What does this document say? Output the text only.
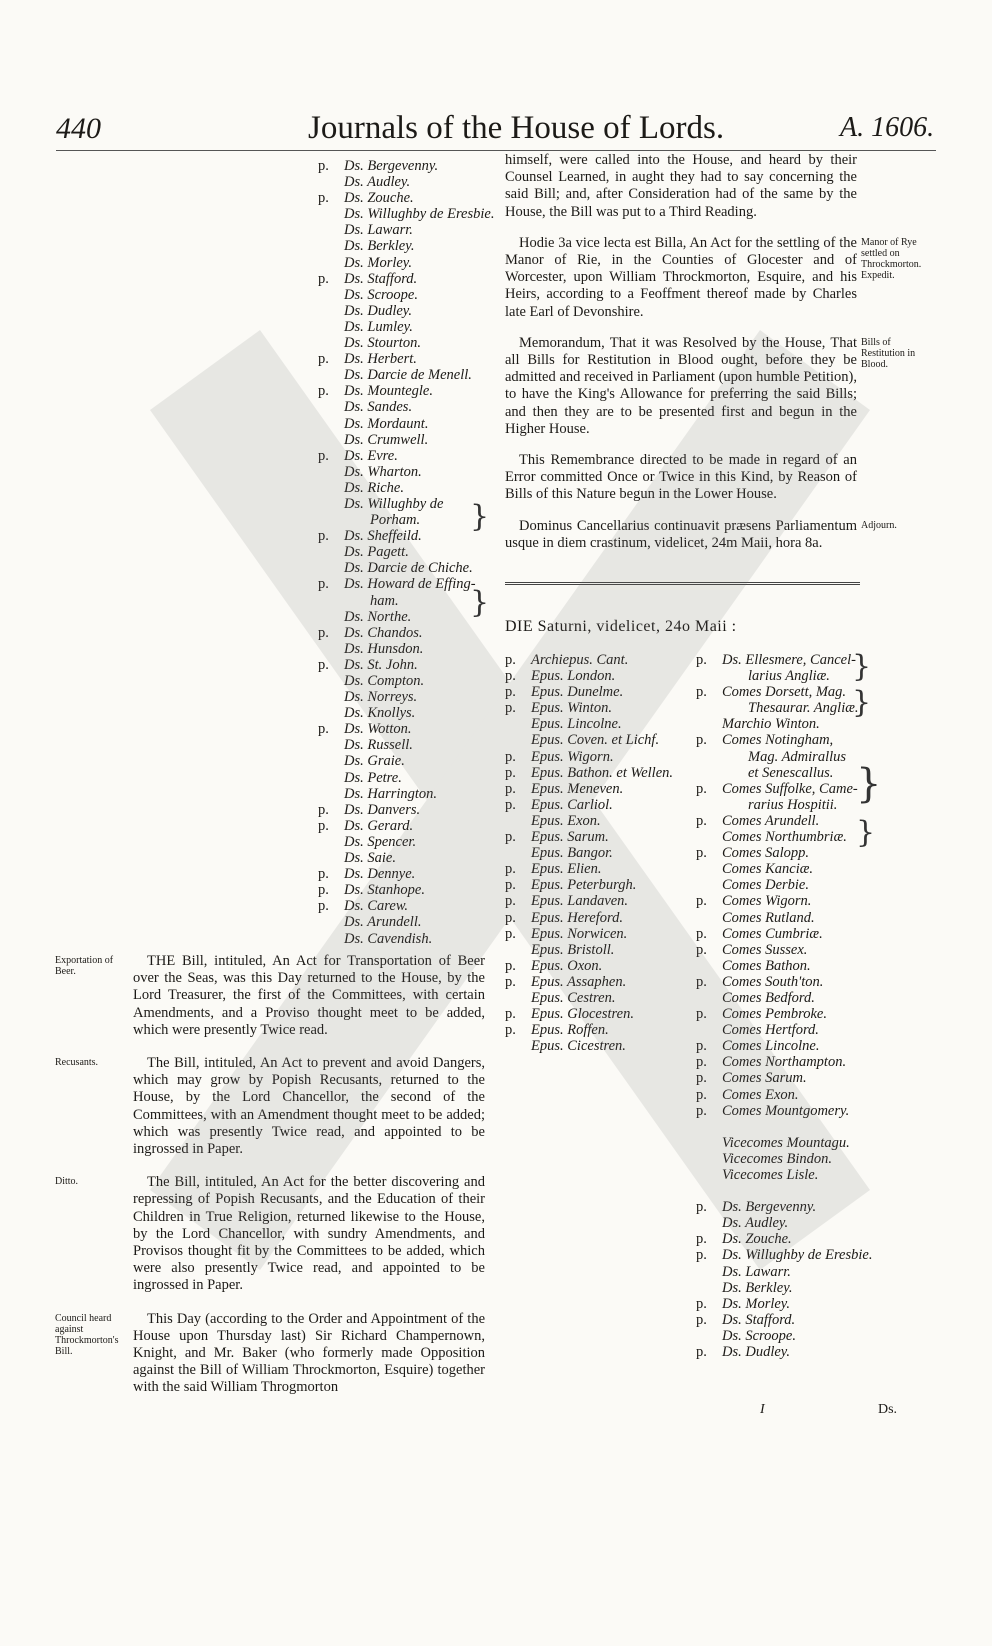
440	Journals of the House of Lords.	A. 1606.
p. Ds. Bergevenny.
Ds. Audley.
p. Ds. Zouche.
Ds. Willughby de Eresbie.
Ds. Lawarr.
Ds. Berkley.
Ds. Morley.
p. Ds. Stafford.
Ds. Scroope.
Ds. Dudley.
Ds. Lumley.
Ds. Stourton.
p. Ds. Herbert.
Ds. Darcie de Menell.
p. Ds. Mountegle.
Ds. Sandes.
Ds. Mordaunt.
Ds. Crumwell.
p. Ds. Evre.
Ds. Wharton.
Ds. Riche.
Ds. Willughby de
Porham.
p. Ds. Sheffeild.
Ds. Pagett.
Ds. Darcie de Chiche.
p. Ds. Howard de Effing-
ham.
Ds. Northe.
p. Ds. Chandos.
Ds. Hunsdon.
p. Ds. St. John.
Ds. Compton.
Ds. Norreys.
Ds. Knollys.
p. Ds. Wotton.
Ds. Russell.
Ds. Graie.
Ds. Petre.
Ds. Harrington.
p. Ds. Danvers.
p. Ds. Gerard.
Ds. Spencer.
Ds. Saie.
p. Ds. Dennye.
p. Ds. Stanhope.
p. Ds. Carew.
Ds. Arundell.
Ds. Cavendish.
}
}
THE Bill, intituled, An Act for Transportation of Beer over the Seas, was this Day returned to the House, by the Lord Treasurer, the first of the Committees, with certain Amendments, and a Proviso thought meet to be added, which were presently Twice read.
Exportation of Beer.
The Bill, intituled, An Act to prevent and avoid Dangers, which may grow by Popish Recusants, returned to the House, by the Lord Chancellor, the second of the Committees, with an Amendment thought meet to be added; which was presently Twice read, and appointed to be ingrossed in Paper.
Recusants.
The Bill, intituled, An Act for the better discovering and repressing of Popish Recusants, and the Education of their Children in True Religion, returned likewise to the House, by the Lord Chancellor, with sundry Amendments, and Provisos thought fit by the Committees to be added, which were also presently Twice read, and appointed to be ingrossed in Paper.
Ditto.
This Day (according to the Order and Appointment of the House upon Thursday last) Sir Richard Champernown, Knight, and Mr. Baker (who formerly made Opposition against the Bill of William Throckmorton, Esquire) together with the said William Throgmorton
Council heard against Throckmorton's Bill.
himself, were called into the House, and heard by their Counsel Learned, in aught they had to say concerning the said Bill; and, after Consideration had of the same by the House, the Bill was put to a Third Reading.
Hodie 3a vice lecta est Billa, An Act for the settling of the Manor of Rie, in the Counties of Glocester and of Worcester, upon William Throckmorton, Esquire, and his Heirs, according to a Feoffment thereof made by Charles late Earl of Devonshire.
Manor of Rye settled on Throckmorton. Expedit.
Memorandum, That it was Resolved by the House, That all Bills for Restitution in Blood ought, before they be admitted and received in Parliament (upon humble Petition), to have the King's Allowance for preferring the said Bills; and then they are to be presented first and begun in the Higher House.
Bills of Restitution in Blood.
This Remembrance directed to be made in regard of an Error committed Once or Twice in this Kind, by Reason of Bills of this Nature begun in the Lower House.
Dominus Cancellarius continuavit præsens Parliamentum usque in diem crastinum, videlicet, 24m Maii, hora 8a.
Adjourn.
DIE Saturni, videlicet, 24o Maii :
p. Archiepus. Cant.
p. Epus. London.
p. Epus. Dunelme.
p. Epus. Winton.
Epus. Lincolne.
Epus. Coven. et Lichf.
p. Epus. Wigorn.
p. Epus. Bathon. et Wellen.
p. Epus. Meneven.
p. Epus. Carliol.
Epus. Exon.
p. Epus. Sarum.
Epus. Bangor.
p. Epus. Elien.
p. Epus. Peterburgh.
p. Epus. Landaven.
p. Epus. Hereford.
p. Epus. Norwicen.
Epus. Bristoll.
p. Epus. Oxon.
p. Epus. Assaphen.
Epus. Cestren.
p. Epus. Glocestren.
p. Epus. Roffen.
Epus. Cicestren.
p. Ds. Ellesmere, Cancel-
larius Angliæ.
p. Comes Dorsett, Mag.
Thesaurar. Angliæ.
Marchio Winton.
p. Comes Notingham,
Mag. Admirallus
et Senescallus.
p. Comes Suffolke, Came-
rarius Hospitii.
p. Comes Arundell.
Comes Northumbriæ.
p. Comes Salopp.
Comes Kanciæ.
Comes Derbie.
p. Comes Wigorn.
Comes Rutland.
p. Comes Cumbriæ.
p. Comes Sussex.
Comes Bathon.
p. Comes South'ton.
Comes Bedford.
p. Comes Pembroke.
Comes Hertford.
p. Comes Lincolne.
p. Comes Northampton.
p. Comes Sarum.
p. Comes Exon.
p. Comes Mountgomery.

Vicecomes Mountagu.
Vicecomes Bindon.
Vicecomes Lisle.

p. Ds. Bergevenny.
Ds. Audley.
p. Ds. Zouche.
p. Ds. Willughby de Eresbie.
Ds. Lawarr.
Ds. Berkley.
p. Ds. Morley.
p. Ds. Stafford.
Ds. Scroope.
p. Ds. Dudley.
}
}
}
}
I	Ds.
